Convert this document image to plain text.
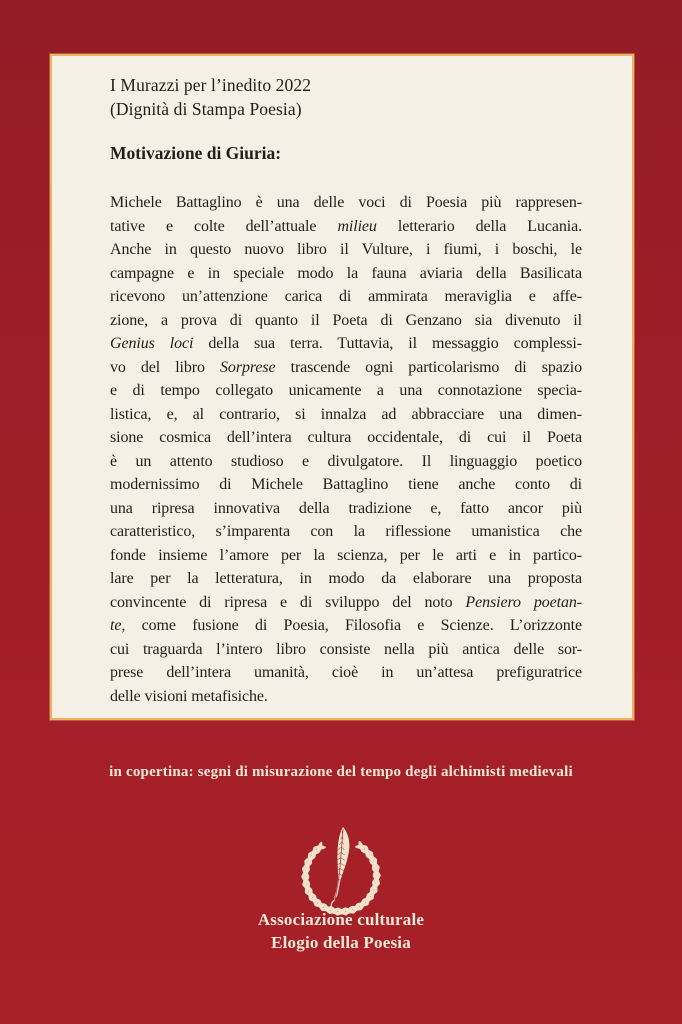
I Murazzi per l’inedito 2022
(Dignità di Stampa Poesia)
Motivazione di Giuria:
Michele Battaglino è una delle voci di Poesia più rappresen-
tative e colte dell’attuale milieu letterario della Lucania.
Anche in questo nuovo libro il Vulture, i fiumi, i boschi, le
campagne e in speciale modo la fauna aviaria della Basilicata
ricevono un’attenzione carica di ammirata meraviglia e affe-
zione, a prova di quanto il Poeta di Genzano sia divenuto il
Genius loci della sua terra. Tuttavia, il messaggio complessi-
vo del libro Sorprese trascende ogni particolarismo di spazio
e di tempo collegato unicamente a una connotazione specia-
listica, e, al contrario, si innalza ad abbracciare una dimen-
sione cosmica dell’intera cultura occidentale, di cui il Poeta
è un attento studioso e divulgatore. Il linguaggio poetico
modernissimo di Michele Battaglino tiene anche conto di
una ripresa innovativa della tradizione e, fatto ancor più
caratteristico, s’imparenta con la riflessione umanistica che
fonde insieme l’amore per la scienza, per le arti e in partico-
lare per la letteratura, in modo da elaborare una proposta
convincente di ripresa e di sviluppo del noto Pensiero poetan-
te, come fusione di Poesia, Filosofia e Scienze. L’orizzonte
cui traguarda l’intero libro consiste nella più antica delle sor-
prese dell’intera umanità, cioè in un’attesa prefiguratrice
delle visioni metafisiche.
in copertina: segni di misurazione del tempo degli alchimisti medievali
Associazione culturale
Elogio della Poesia
